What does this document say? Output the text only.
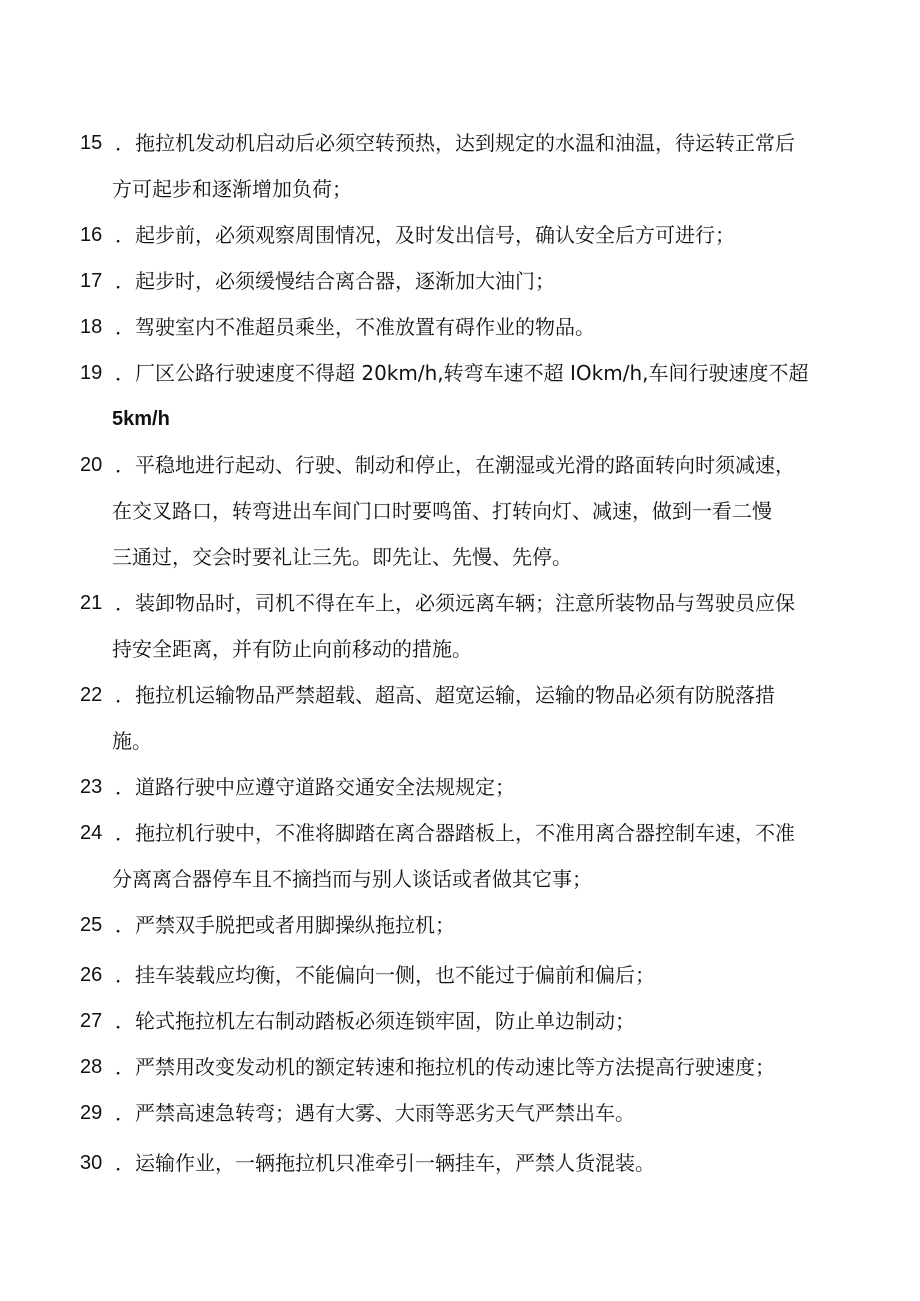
15 ．拖拉机发动机启动后必须空转预热，达到规定的水温和油温，待运转正常后
方可起步和逐渐增加负荷；
16 ．起步前，必须观察周围情况，及时发出信号，确认安全后方可进行；
17 ．起步时，必须缓慢结合离合器，逐渐加大油门；
18 ．驾驶室内不准超员乘坐，不准放置有碍作业的物品。
19 ．厂区公路行驶速度不得超 20km/h,转弯车速不超 IOkm/h,车间行驶速度不超
5km/h
20 ．平稳地进行起动、行驶、制动和停止，在潮湿或光滑的路面转向时须减速，
在交叉路口，转弯进出车间门口时要鸣笛、打转向灯、减速，做到一看二慢
三通过，交会时要礼让三先。即先让、先慢、先停。
21 ．装卸物品时，司机不得在车上，必须远离车辆；注意所装物品与驾驶员应保
持安全距离，并有防止向前移动的措施。
22 ．拖拉机运输物品严禁超载、超高、超宽运输，运输的物品必须有防脱落措
施。
23 ．道路行驶中应遵守道路交通安全法规规定；
24 ．拖拉机行驶中，不准将脚踏在离合器踏板上，不准用离合器控制车速，不准
分离离合器停车且不摘挡而与别人谈话或者做其它事；
25 ．严禁双手脱把或者用脚操纵拖拉机；
26 ．挂车装载应均衡，不能偏向一侧，也不能过于偏前和偏后；
27 ．轮式拖拉机左右制动踏板必须连锁牢固，防止单边制动；
28 ．严禁用改变发动机的额定转速和拖拉机的传动速比等方法提高行驶速度；
29 ．严禁高速急转弯；遇有大雾、大雨等恶劣天气严禁出车。
30 ．运输作业，一辆拖拉机只准牵引一辆挂车，严禁人货混装。
